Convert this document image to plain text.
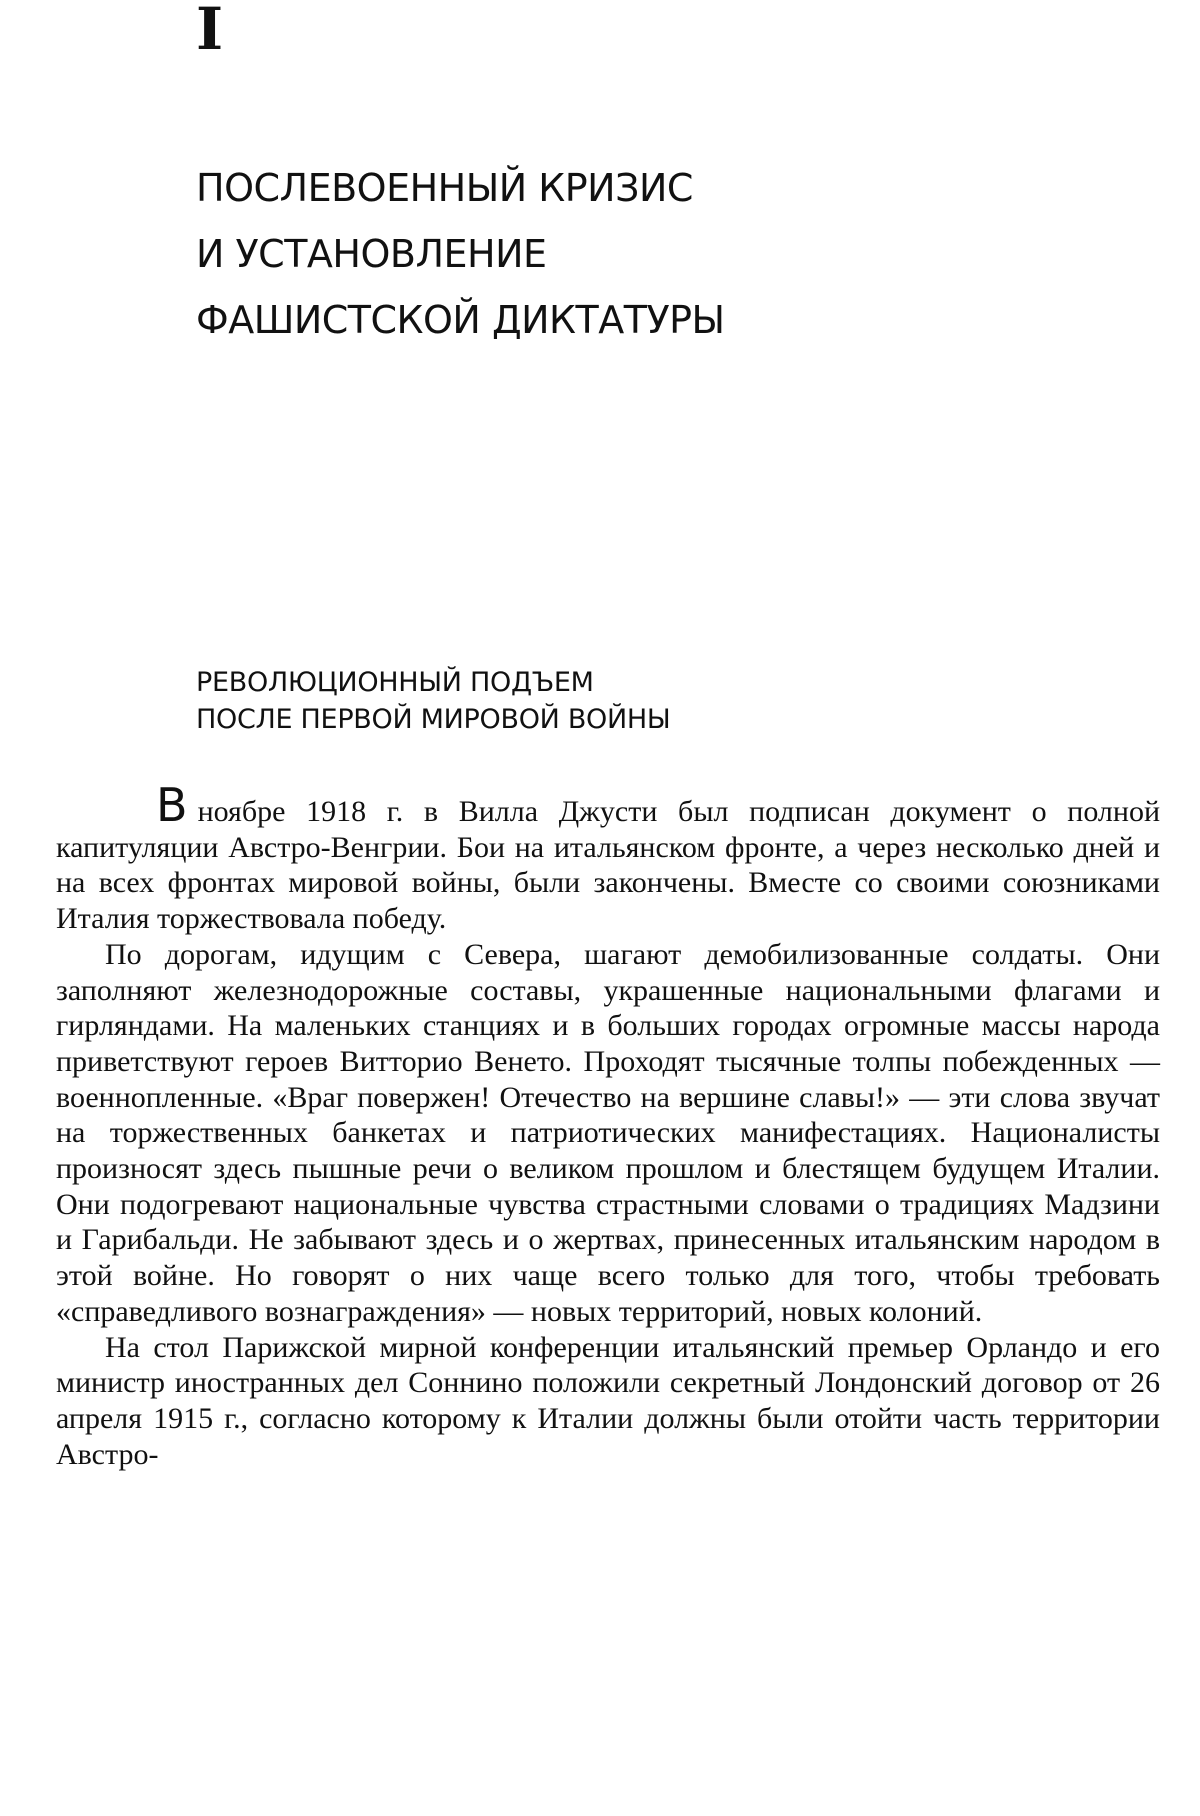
I
ПОСЛЕВОЕННЫЙ КРИЗИС
И УСТАНОВЛЕНИЕ
ФАШИСТСКОЙ ДИКТАТУРЫ
РЕВОЛЮЦИОННЫЙ ПОДЪЕМ
ПОСЛЕ ПЕРВОЙ МИРОВОЙ ВОЙНЫ

Вноябре 1918 г. в Вилла Джусти был подписан документ о полной капитуляции Австро-Венгрии. Бои на итальянском фронте, а через несколько дней и на всех фронтах мировой войны, были закончены. Вместе со своими союзниками Италия торжествовала победу.

По дорогам, идущим с Севера, шагают демобилизованные солдаты. Они заполняют железнодорожные составы, украшенные национальными флагами и гирляндами. На маленьких станциях и в больших городах огромные массы народа приветствуют героев Витторио Венето. Проходят тысячные толпы побежденных — военнопленные. «Враг повержен! Отечество на вершине славы!» — эти слова звучат на торжественных банкетах и патриотических манифестациях. Националисты произносят здесь пышные речи о великом прошлом и блестящем будущем Италии. Они подогревают национальные чувства страстными словами о традициях Мадзини и Гарибальди. Не забывают здесь и о жертвах, принесенных итальянским народом в этой войне. Но говорят о них чаще всего только для того, чтобы требовать «справедливого вознаграждения» — новых территорий, новых колоний.

На стол Парижской мирной конференции итальянский премьер Орландо и его министр иностранных дел Соннино положили секретный Лондонский договор от 26 апреля 1915 г., согласно которому к Италии должны были отойти часть территории Австро-
